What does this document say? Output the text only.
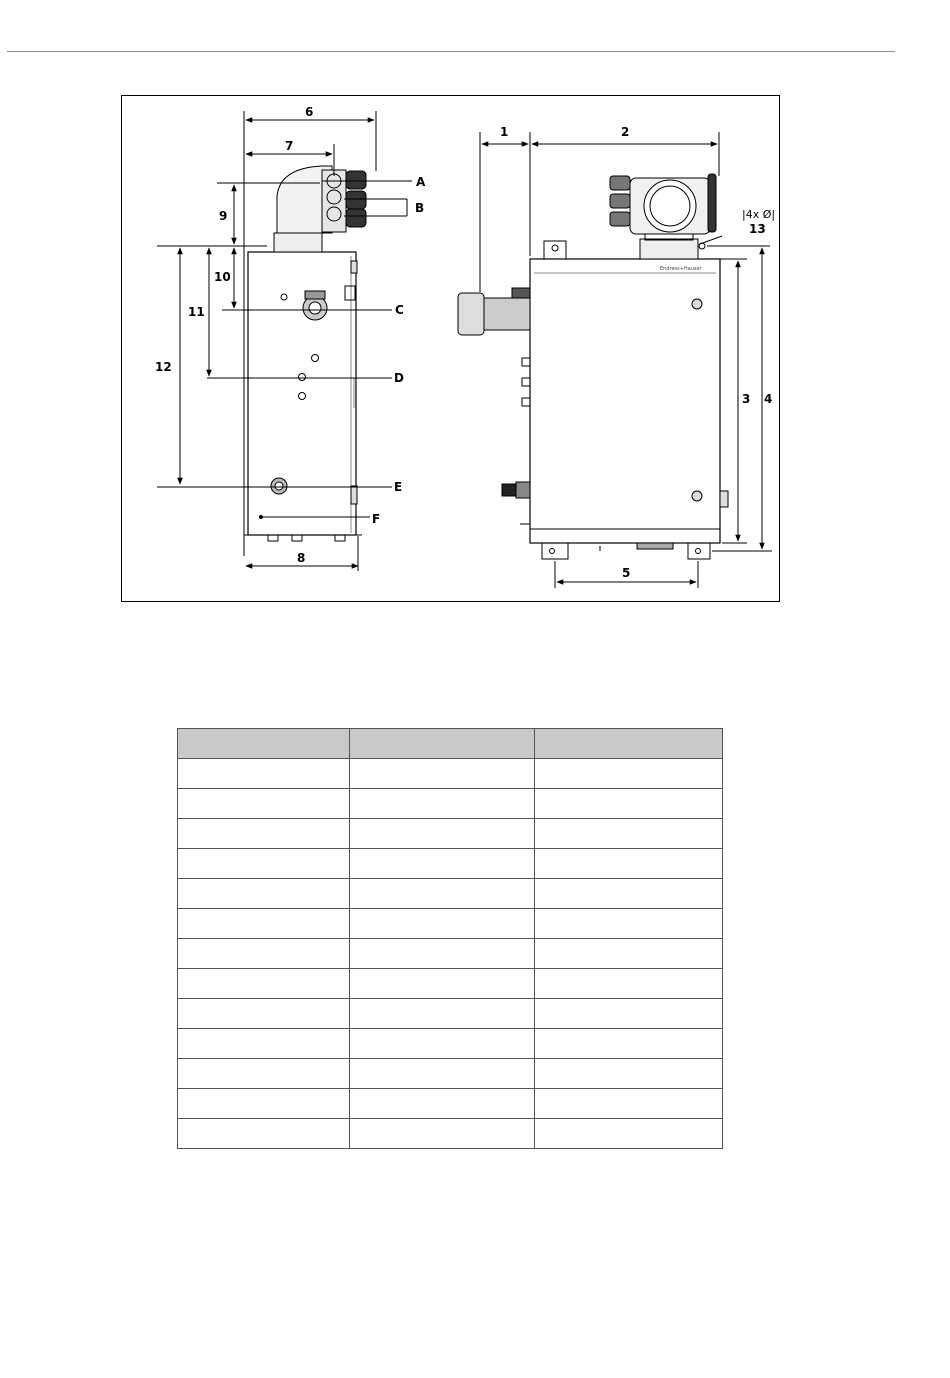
6
7
8
9
10
11
12
A
B
C
D
E
F
Endress+Hauser
1	2
3 4
5
13
|4x Ø|
